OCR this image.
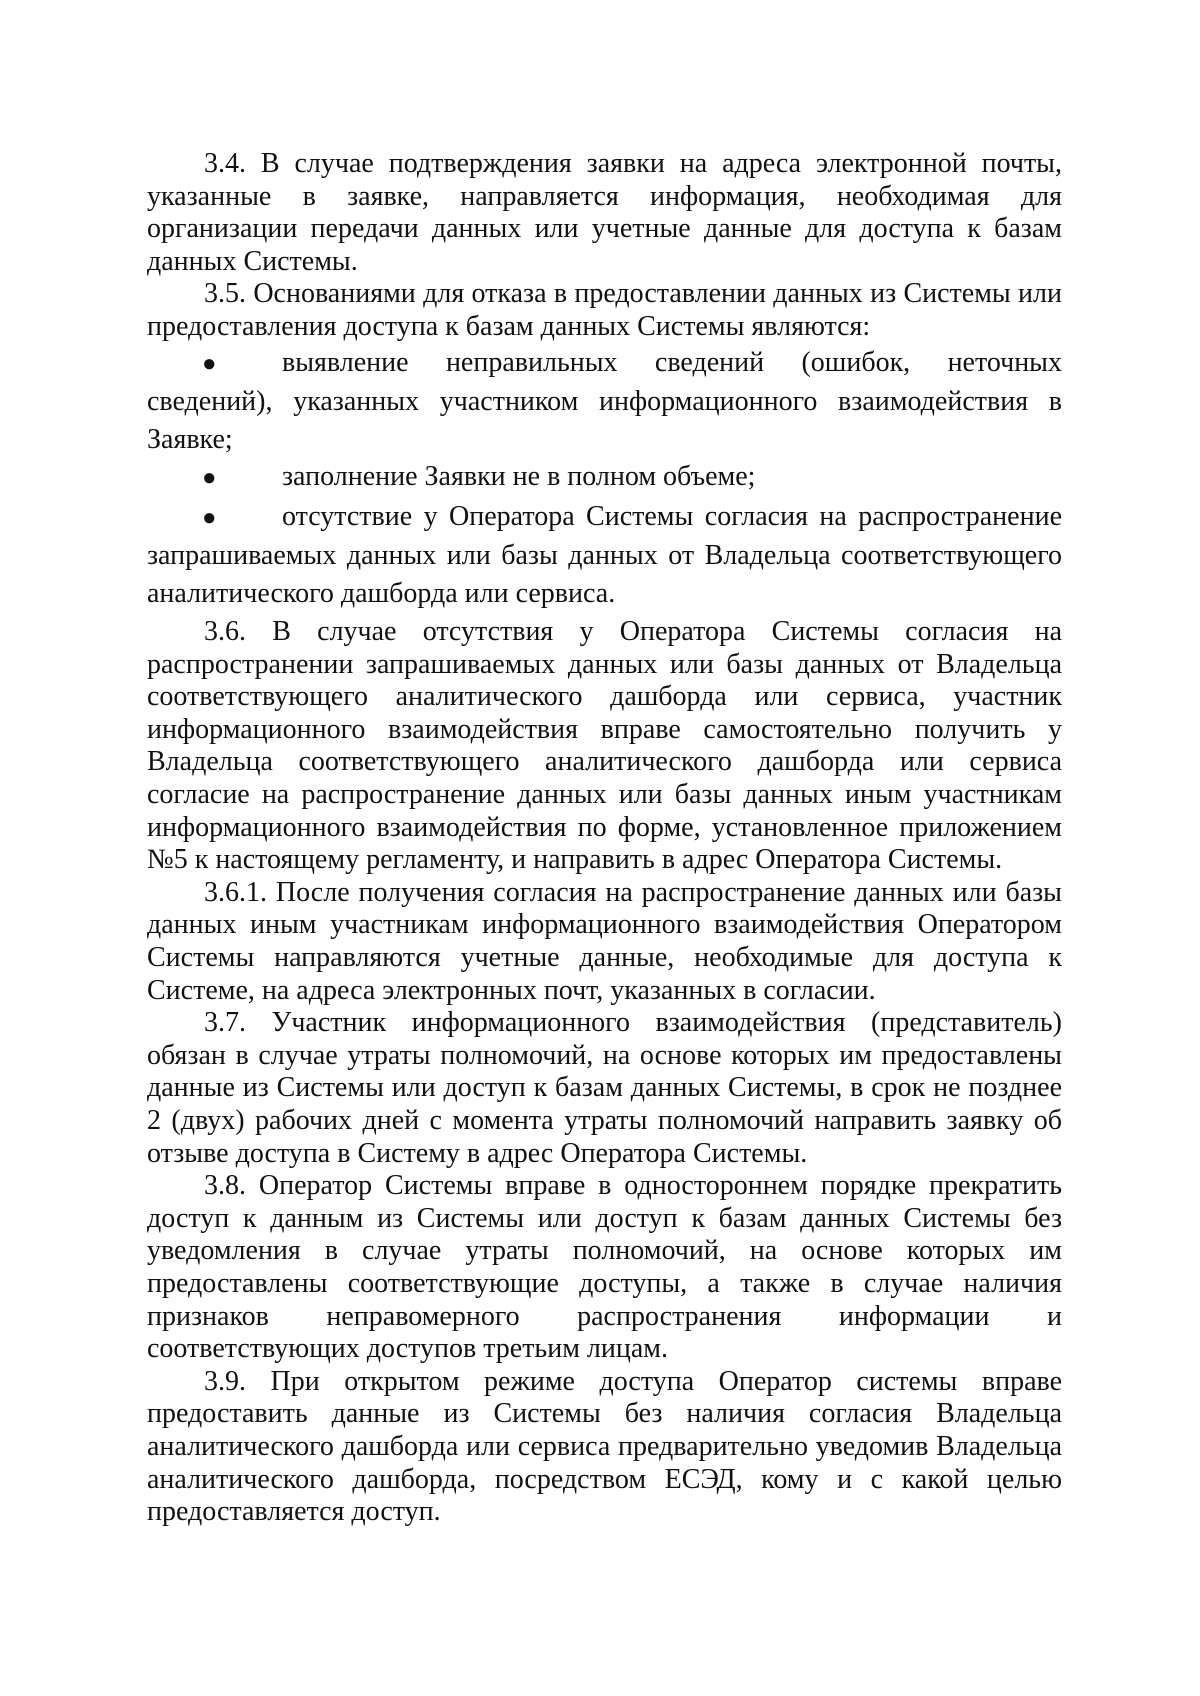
3.4. В случае подтверждения заявки на адреса электронной почты, указанные в заявке, направляется информация, необходимая для организации передачи данных или учетные данные для доступа к базам данных Системы.

3.5. Основаниями для отказа в предоставлении данных из Системы или предоставления доступа к базам данных Системы являются:

● выявление неправильных сведений (ошибок, неточных сведений), указанных участником информационного взаимодействия в Заявке;

● заполнение Заявки не в полном объеме;

● отсутствие у Оператора Системы согласия на распространение запрашиваемых данных или базы данных от Владельца соответствующего аналитического дашборда или сервиса.

3.6. В случае отсутствия у Оператора Системы согласия на распространении запрашиваемых данных или базы данных от Владельца соответствующего аналитического дашборда или сервиса, участник информационного взаимодействия вправе самостоятельно получить у Владельца соответствующего аналитического дашборда или сервиса согласие на распространение данных или базы данных иным участникам информационного взаимодействия по форме, установленное приложением №5 к настоящему регламенту, и направить в адрес Оператора Системы.

3.6.1. После получения согласия на распространение данных или базы данных иным участникам информационного взаимодействия Оператором Системы направляются учетные данные, необходимые для доступа к Системе, на адреса электронных почт, указанных в согласии.

3.7. Участник информационного взаимодействия (представитель) обязан в случае утраты полномочий, на основе которых им предоставлены данные из Системы или доступ к базам данных Системы, в срок не позднее 2 (двух) рабочих дней с момента утраты полномочий направить заявку об отзыве доступа в Систему в адрес Оператора Системы.

3.8. Оператор Системы вправе в одностороннем порядке прекратить доступ к данным из Системы или доступ к базам данных Системы без уведомления в случае утраты полномочий, на основе которых им предоставлены соответствующие доступы, а также в случае наличия признаков неправомерного распространения информации и соответствующих доступов третьим лицам.

3.9. При открытом режиме доступа Оператор системы вправе предоставить данные из Системы без наличия согласия Владельца аналитического дашборда или сервиса предварительно уведомив Владельца аналитического дашборда, посредством ЕСЭД, кому и с какой целью предоставляется доступ.
